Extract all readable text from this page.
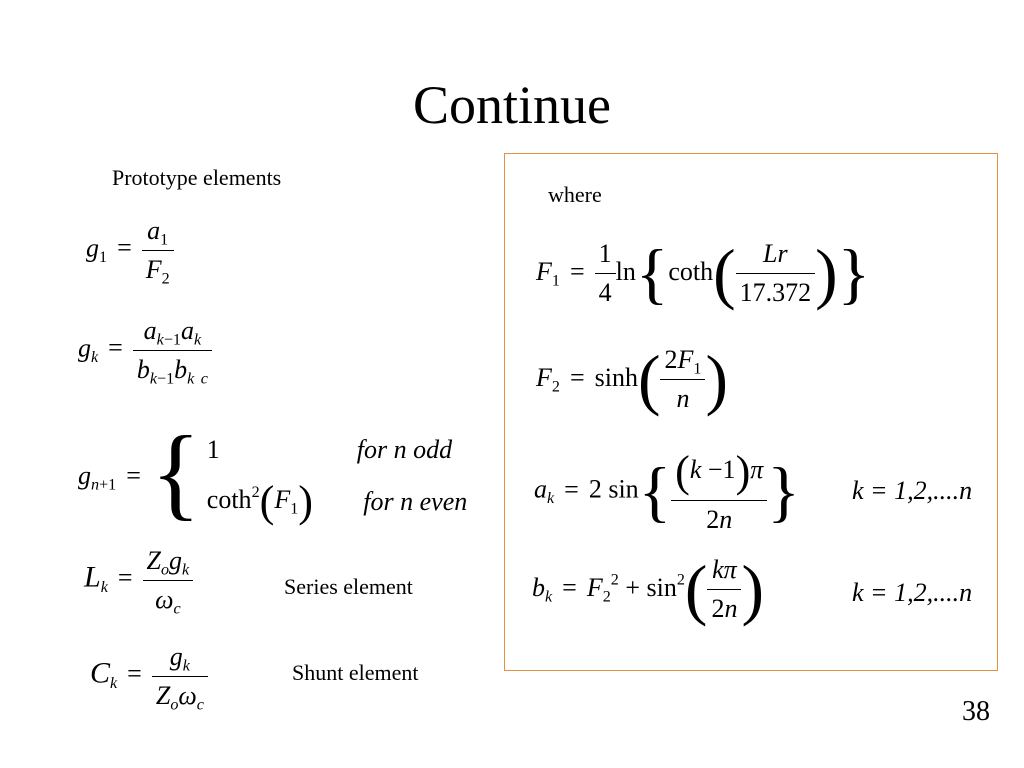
Continue
Prototype elements
$g_1 = \frac{a_1}{F_2}$
$g_k = \frac{a_{k-1}a_k}{b_{k-1}b_k _c}$
$g_{n+1}$ = { 1	for n odd
$\cot h^2(F_1)$	for n even
$L_k = \frac{Z_og_k}{\omega_c}$	Series element
$C_k = \frac{g_k}{Z_o\omega_c}$	Shunt element
where
$F_1 = \frac{1}{4} \ln\{\cot h( \frac{Lr}{17.372}$ )}
$F_2 = \sinh( \frac{2F_1}{n}$ )
$a_k = 2$ $\sin\{ \frac{(k -1)\pi}{2n}$ } k = 1,2,....n
$b_k = F_2^2 + \sin^2( \frac{k\pi}{2n}$ )	k = 1,2,....n
38
